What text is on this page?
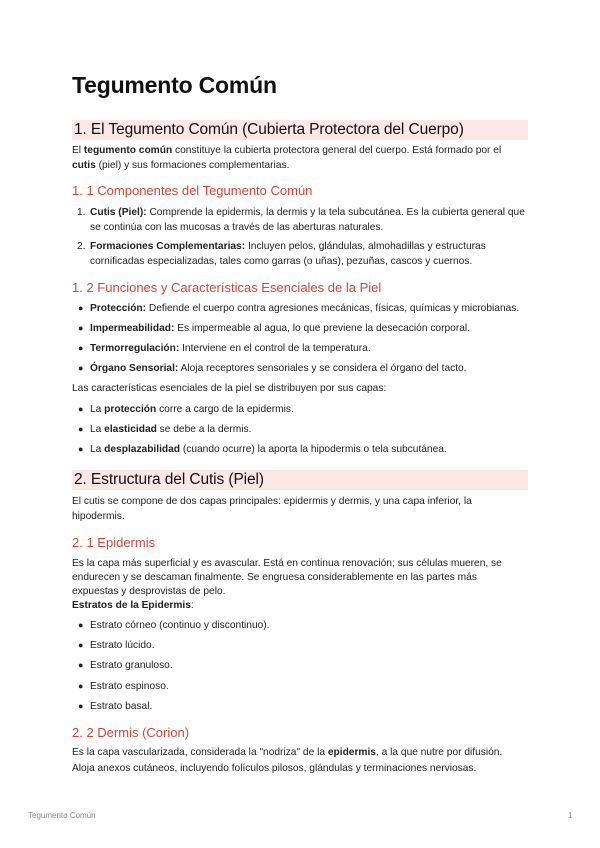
Tegumento Común
1. El Tegumento Común (Cubierta Protectora del Cuerpo)

El tegumento común constituye la cubierta protectora general del cuerpo. Está formado por el

cutis (piel) y sus formaciones complementarias.

1. 1 Componentes del Tegumento Común
1. Cutis (Piel): Comprende la epidermis, la dermis y la tela subcutánea. Es la cubierta general que
se continúa con las mucosas a través de las aberturas naturales.
2. Formaciones Complementarias: Incluyen pelos, glándulas, almohadillas y estructuras
cornificadas especializadas, tales como garras (o uñas), pezuñas, cascos y cuernos.
1. 2 Funciones y Características Esenciales de la Piel
● Protección: Defiende el cuerpo contra agresiones mecánicas, físicas, químicas y microbianas.
● Impermeabilidad: Es impermeable al agua, lo que previene la desecación corporal.
● Termorregulación: Interviene en el control de la temperatura.
● Órgano Sensorial: Aloja receptores sensoriales y se considera el órgano del tacto.

Las características esenciales de la piel se distribuyen por sus capas:

● La protección corre a cargo de la epidermis.
● La elasticidad se debe a la dermis.
● La desplazabilidad (cuando ocurre) la aporta la hipodermis o tela subcutánea.
2. Estructura del Cutis (Piel)

El cutis se compone de dos capas principales: epidermis y dermis, y una capa inferior, la

hipodermis.

2. 1 Epidermis

Es la capa más superficial y es avascular. Está en continua renovación; sus células mueren, se

endurecen y se descaman finalmente. Se engruesa considerablemente en las partes más

expuestas y desprovistas de pelo.

Estratos de la Epidermis:

● Estrato córneo (continuo y discontinuo).
● Estrato lúcido.
● Estrato granuloso.
● Estrato espinoso.
● Estrato basal.
2. 2 Dermis (Corion)

Es la capa vascularizada, considerada la "nodriza" de la epidermis, a la que nutre por difusión.

Aloja anexos cutáneos, incluyendo folículos pilosos, glándulas y terminaciones nerviosas.

Tegumento Común	1
